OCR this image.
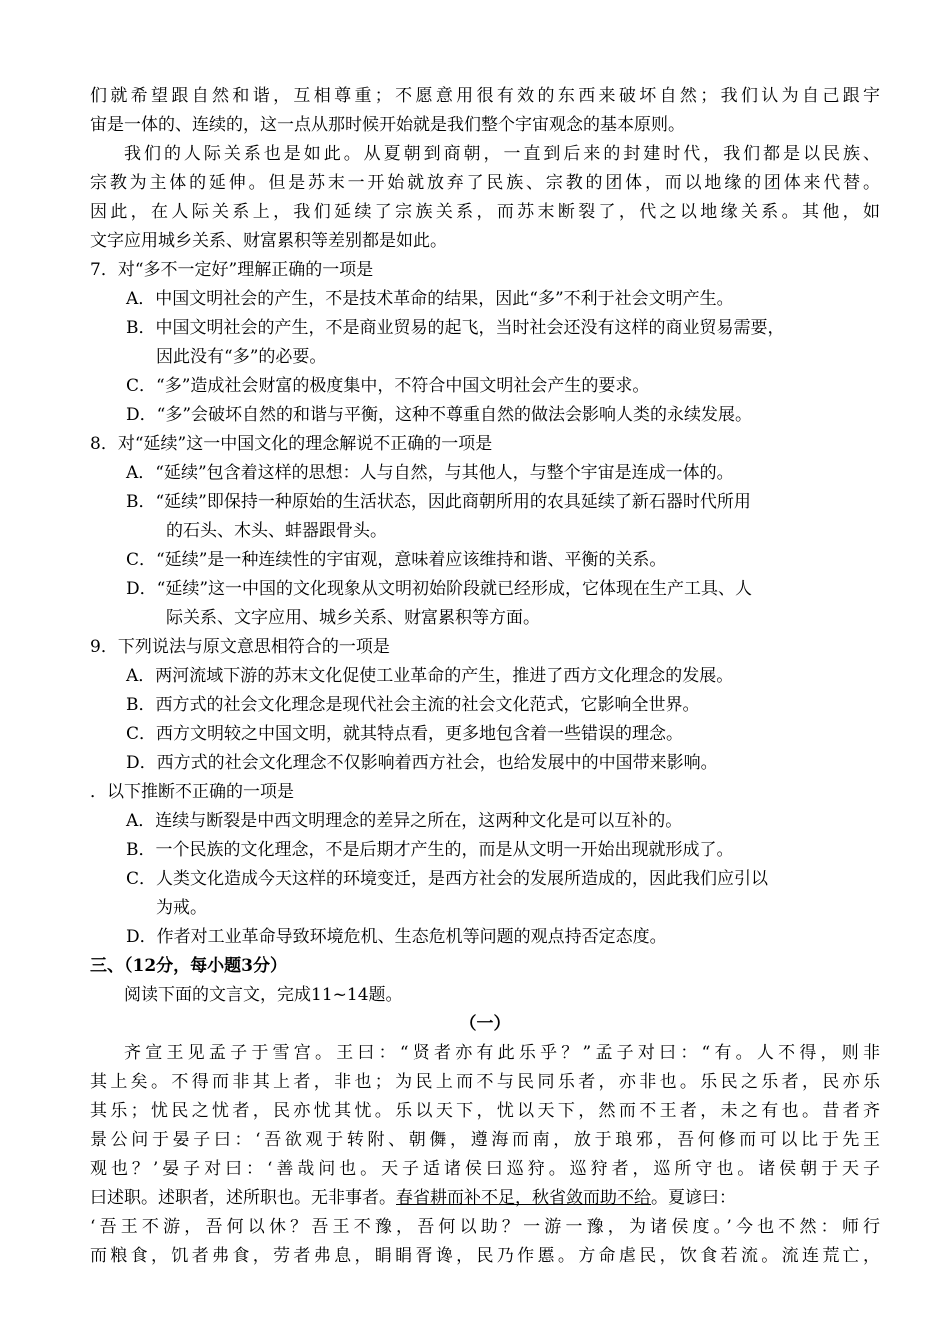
们就希望跟自然和谐，互相尊重；不愿意用很有效的东西来破坏自然；我们认为自己跟宇
宙是一体的、连续的，这一点从那时候开始就是我们整个宇宙观念的基本原则。
我们的人际关系也是如此。从夏朝到商朝，一直到后来的封建时代，我们都是以民族、
宗教为主体的延伸。但是苏末一开始就放弃了民族、宗教的团体，而以地缘的团体来代替。
因此，在人际关系上，我们延续了宗族关系，而苏末断裂了，代之以地缘关系。其他，如
文字应用城乡关系、财富累积等差别都是如此。
7．对“多不一定好”理解正确的一项是
A．中国文明社会的产生，不是技术革命的结果，因此“多”不利于社会文明产生。
B．中国文明社会的产生，不是商业贸易的起飞，当时社会还没有这样的商业贸易需要，
因此没有“多”的必要。
C．“多”造成社会财富的极度集中，不符合中国文明社会产生的要求。
D．“多”会破坏自然的和谐与平衡，这种不尊重自然的做法会影响人类的永续发展。
8．对“延续”这一中国文化的理念解说不正确的一项是
A．“延续”包含着这样的思想：人与自然，与其他人，与整个宇宙是连成一体的。
B．“延续”即保持一种原始的生活状态，因此商朝所用的农具延续了新石器时代所用
的石头、木头、蚌器跟骨头。
C．“延续”是一种连续性的宇宙观，意味着应该维持和谐、平衡的关系。
D．“延续”这一中国的文化现象从文明初始阶段就已经形成，它体现在生产工具、人
际关系、文字应用、城乡关系、财富累积等方面。
9．下列说法与原文意思相符合的一项是
A．两河流域下游的苏末文化促使工业革命的产生，推进了西方文化理念的发展。
B．西方式的社会文化理念是现代社会主流的社会文化范式，它影响全世界。
C．西方文明较之中国文明，就其特点看，更多地包含着一些错误的理念。
D．西方式的社会文化理念不仅影响着西方社会，也给发展中的中国带来影响。
．以下推断不正确的一项是
A．连续与断裂是中西文明理念的差异之所在，这两种文化是可以互补的。
B．一个民族的文化理念，不是后期才产生的，而是从文明一开始出现就形成了。
C．人类文化造成今天这样的环境变迁，是西方社会的发展所造成的，因此我们应引以
为戒。
D．作者对工业革命导致环境危机、生态危机等问题的观点持否定态度。
三、（12分，每小题3分）
阅读下面的文言文，完成11~14题。
（一）
齐宣王见孟子于雪宫。王曰：“贤者亦有此乐乎？”孟子对曰：“有。人不得，则非
其上矣。不得而非其上者，非也；为民上而不与民同乐者，亦非也。乐民之乐者，民亦乐
其乐；忧民之忧者，民亦忧其忧。乐以天下，忧以天下，然而不王者，未之有也。昔者齐
景公问于晏子曰：‘吾欲观于转附、朝儛，遵海而南，放于琅邪，吾何修而可以比于先王
观也？’晏子对曰：‘善哉问也。天子适诸侯曰巡狩。巡狩者，巡所守也。诸侯朝于天子
曰述职。述职者，述所职也。无非事者。春省耕而补不足，秋省敛而助不给。夏谚曰：
‘吾王不游，吾何以休？吾王不豫，吾何以助？一游一豫，为诸侯度。’今也不然：师行
而粮食，饥者弗食，劳者弗息，睊睊胥谗，民乃作慝。方命虐民，饮食若流。流连荒亡，
